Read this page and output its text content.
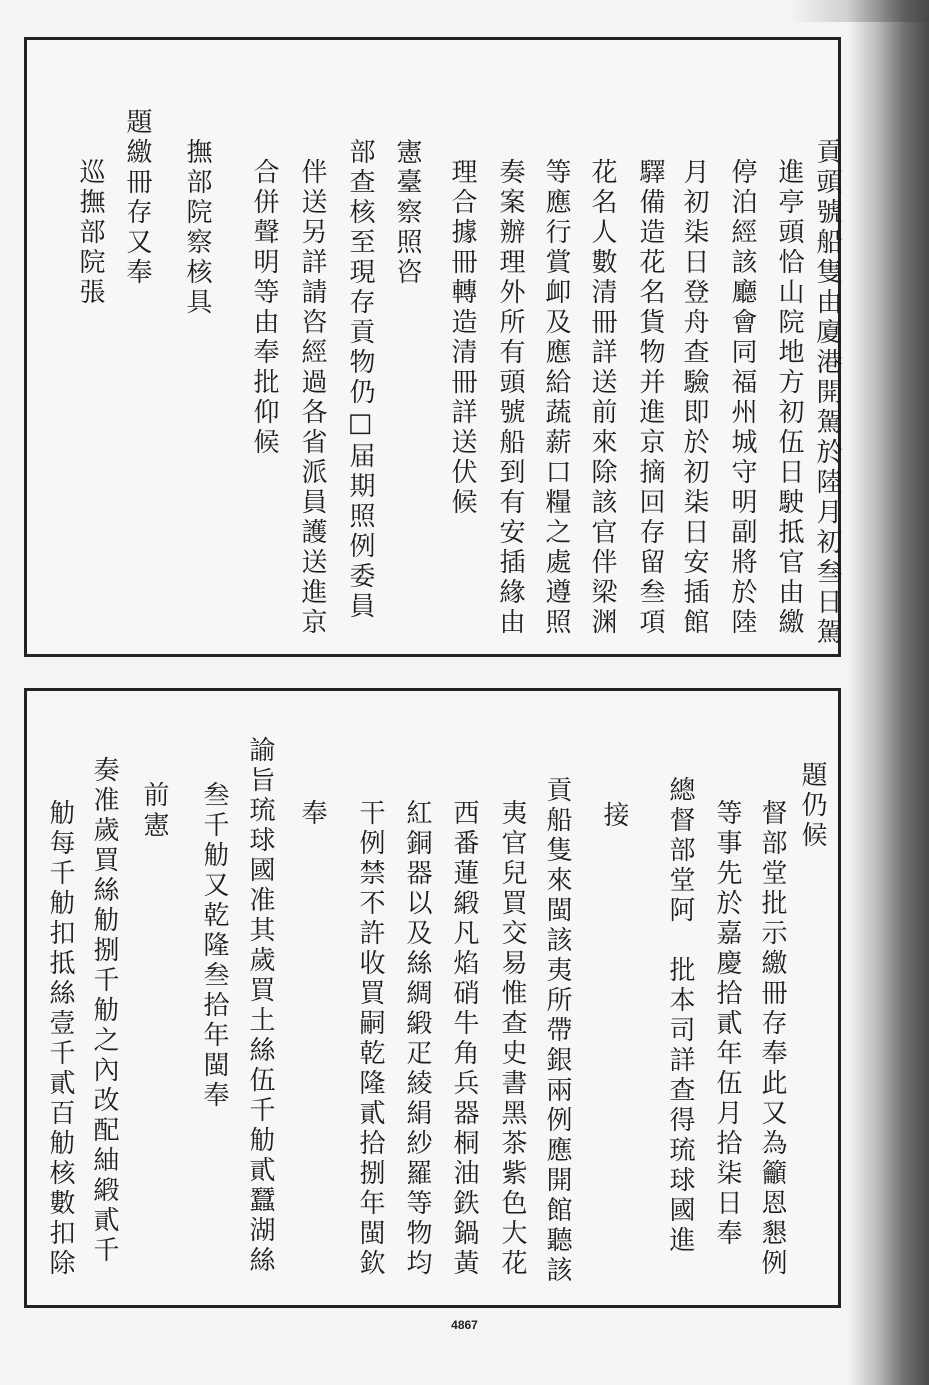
貢頭號船隻由廈港開駕於陸月初叁日駕
進亭頭恰山院地方初伍日駛抵官由繳
停泊經該廳會同福州城守明副將於陸
月初柒日登舟查驗即於初柒日安插館
驛備造花名貨物并進京摘回存留叁項
花名人數清冊詳送前來除該官伴梁渊
等應行賞卹及應給蔬薪口糧之處遵照
奏案辦理外所有頭號船到有安插緣由
理合據冊轉造清冊詳送伏候
憲臺察照咨
部查核至現存貢物仍□届期照例委員
伴送另詳請咨經過各省派員護送進京
合併聲明等由奉批仰候
撫部院察核具
題繳冊存又奉
巡撫部院張
題仍候
督部堂批示繳冊存奉此又為籲恩懇例
等事先於嘉慶拾貳年伍月拾柒日奉
總督部堂阿　批本司詳查得琉球國進
接
貢船隻來閩該夷所帶銀兩例應開館聽該
夷官兒買交易惟查史書黑茶紫色大花
西番蓮緞凡焰硝牛角兵器桐油鉄鍋黃
紅銅器以及絲綢緞疋綾絹紗羅等物均
干例禁不許收買嗣乾隆貳拾捌年閩欽
奉
諭旨琉球國准其歲買土絲伍千觔貳蠶湖絲
叁千觔又乾隆叁拾年閩奉
前憲
奏准歲買絲觔捌千觔之內改配紬緞貳千
觔每千觔扣抵絲壹千貳百觔核數扣除
4867
